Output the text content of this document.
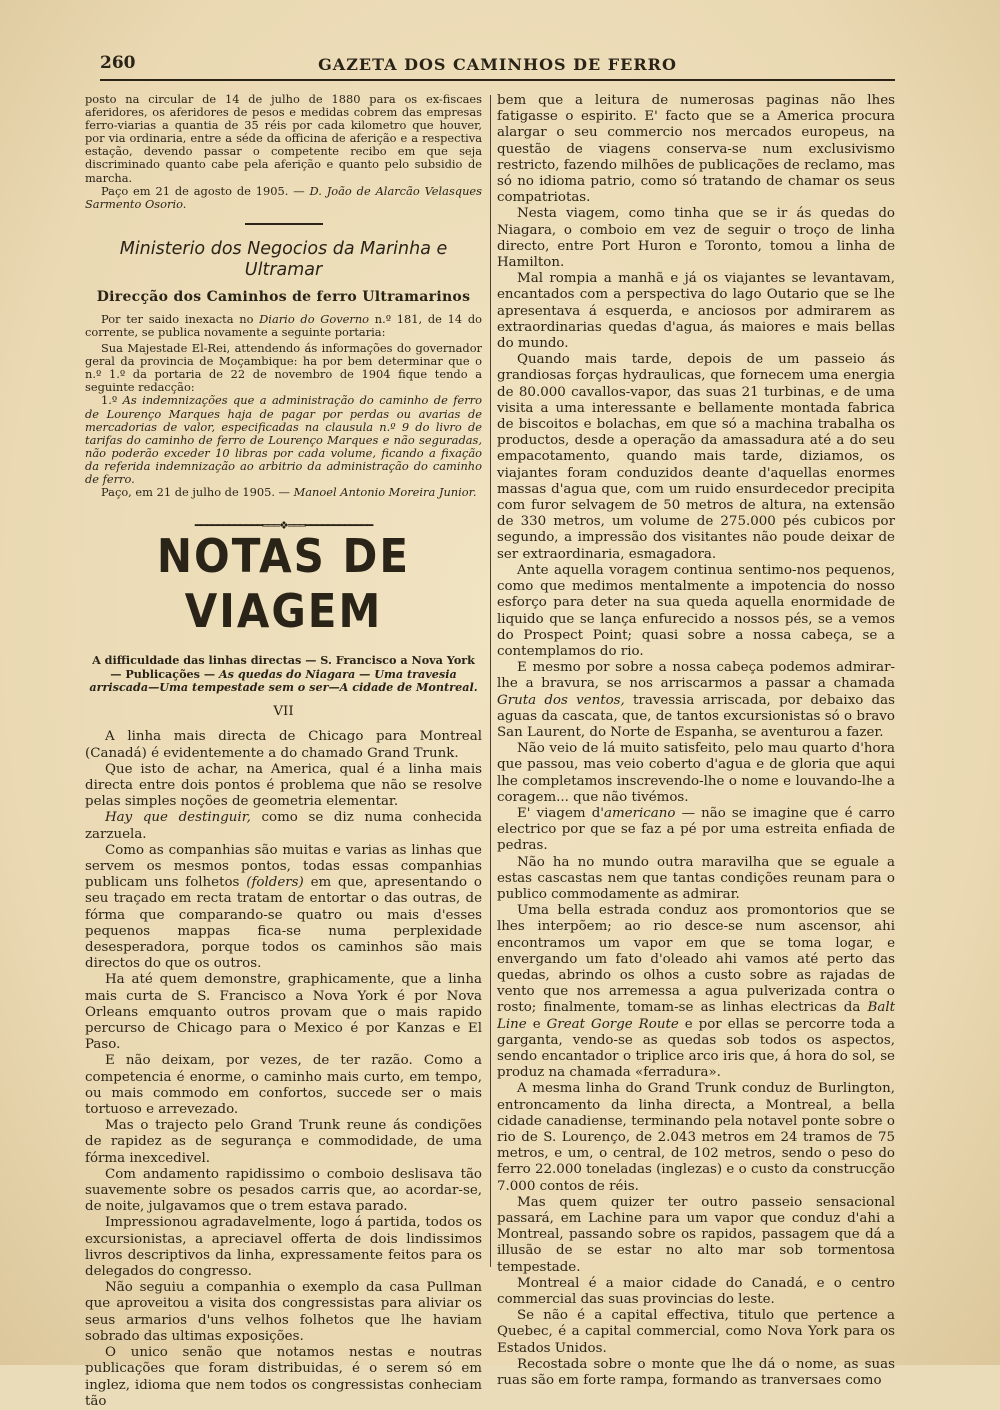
260	GAZETA DOS CAMINHOS DE FERRO

posto na circular de 14 de julho de 1880 para os ex-fiscaes aferidores, os aferidores de pesos e medidas cobrem das empresas ferro-viarias a quantia de 35 réis por cada kilometro que houver, por via ordinaria, entre a séde da officina de aferição e a respectiva estação, devendo passar o competente recibo em que seja discriminado quanto cabe pela aferição e quanto pelo subsidio de marcha.

Paço em 21 de agosto de 1905. — D. João de Alarcão Velasques Sarmento Osorio.

Ministerio dos Negocios da Marinha e Ultramar
Direcção dos Caminhos de ferro Ultramarinos

Por ter saido inexacta no Diario do Governo n.º 181, de 14 do corrente, se publica novamente a seguinte portaria:

Sua Majestade El-Rei, attendendo ás informações do governador geral da provincia de Moçambique: ha por bem determinar que o n.º 1.º da portaria de 22 de novembro de 1904 fique tendo a seguinte redacção:

1.º As indemnizações que a administração do caminho de ferro de Lourenço Marques haja de pagar por perdas ou avarias de mercadorias de valor, especificadas na clausula n.º 9 do livro de tarifas do caminho de ferro de Lourenço Marques e não seguradas, não poderão exceder 10 libras por cada volume, ficando a fixação da referida indemnização ao arbitrio da administração do caminho de ferro.

Paço, em 21 de julho de 1905. — Manoel Antonio Moreira Junior.

━━━━━━━━━━━━═══❖═══━━━━━━━━━━━━
NOTAS DE VIAGEM
A difficuldade das linhas directas — S. Francisco a Nova York — Publicações — As quedas do Niagara — Uma travesia arriscada—Uma tempestade sem o ser—A cidade de Montreal.
VII

A linha mais directa de Chicago para Montreal (Canadá) é evidentemente a do chamado Grand Trunk.

Que isto de achar, na America, qual é a linha mais directa entre dois pontos é problema que não se resolve pelas simples noções de geometria elementar.

Hay que destinguir, como se diz numa conhecida zarzuela.

Como as companhias são muitas e varias as linhas que servem os mesmos pontos, todas essas companhias publicam uns folhetos (folders) em que, apresentando o seu traçado em recta tratam de entortar o das outras, de fórma que comparando-se quatro ou mais d'esses pequenos mappas fica-se numa perplexidade desesperadora, porque todos os caminhos são mais directos do que os outros.

Ha até quem demonstre, graphicamente, que a linha mais curta de S. Francisco a Nova York é por Nova Orleans emquanto outros provam que o mais rapido percurso de Chicago para o Mexico é por Kanzas e El Paso.

E não deixam, por vezes, de ter razão. Como a competencia é enorme, o caminho mais curto, em tempo, ou mais commodo em confortos, succede ser o mais tortuoso e arrevezado.

Mas o trajecto pelo Grand Trunk reune ás condições de rapidez as de segurança e commodidade, de uma fórma inexcedivel.

Com andamento rapidissimo o comboio deslisava tão suavemente sobre os pesados carris que, ao acordar-se, de noite, julgavamos que o trem estava parado.

Impressionou agradavelmente, logo á partida, todos os excursionistas, a apreciavel offerta de dois lindissimos livros descriptivos da linha, expressamente feitos para os delegados do congresso.

Não seguiu a companhia o exemplo da casa Pullman que aproveitou a visita dos congressistas para aliviar os seus armarios d'uns velhos folhetos que lhe haviam sobrado das ultimas exposições.

O unico senão que notamos nestas e noutras publicações que foram distribuidas, é o serem só em inglez, idioma que nem todos os congressistas conheciam tão

bem que a leitura de numerosas paginas não lhes fatigasse o espirito. E' facto que se a America procura alargar o seu commercio nos mercados europeus, na questão de viagens conserva-se num exclusivismo restricto, fazendo milhões de publicações de reclamo, mas só no idioma patrio, como só tratando de chamar os seus compatriotas.

Nesta viagem, como tinha que se ir ás quedas do Niagara, o comboio em vez de seguir o troço de linha directo, entre Port Huron e Toronto, tomou a linha de Hamilton.

Mal rompia a manhã e já os viajantes se levantavam, encantados com a perspectiva do lago Outario que se lhe apresentava á esquerda, e anciosos por admirarem as extraordinarias quedas d'agua, ás maiores e mais bellas do mundo.

Quando mais tarde, depois de um passeio ás grandiosas forças hydraulicas, que fornecem uma energia de 80.000 cavallos-vapor, das suas 21 turbinas, e de uma visita a uma interessante e bellamente montada fabrica de biscoitos e bolachas, em que só a machina trabalha os productos, desde a operação da amassadura até a do seu empacotamento, quando mais tarde, diziamos, os viajantes foram conduzidos deante d'aquellas enormes massas d'agua que, com um ruido ensurdecedor precipita com furor selvagem de 50 metros de altura, na extensão de 330 metros, um volume de 275.000 pés cubicos por segundo, a impressão dos visitantes não poude deixar de ser extraordinaria, esmagadora.

Ante aquella voragem continua sentimo-nos pequenos, como que medimos mentalmente a impotencia do nosso esforço para deter na sua queda aquella enormidade de liquido que se lança enfurecido a nossos pés, se a vemos do Prospect Point; quasi sobre a nossa cabeça, se a contemplamos do rio.

E mesmo por sobre a nossa cabeça podemos admirar-lhe a bravura, se nos arriscarmos a passar a chamada Gruta dos ventos, travessia arriscada, por debaixo das aguas da cascata, que, de tantos excursionistas só o bravo San Laurent, do Norte de Espanha, se aventurou a fazer.

Não veio de lá muito satisfeito, pelo mau quarto d'hora que passou, mas veio coberto d'agua e de gloria que aqui lhe completamos inscrevendo-lhe o nome e louvando-lhe a coragem... que não tivémos.

E' viagem d'americano — não se imagine que é carro electrico por que se faz a pé por uma estreita enfiada de pedras.

Não ha no mundo outra maravilha que se eguale a estas cascastas nem que tantas condições reunam para o publico commodamente as admirar.

Uma bella estrada conduz aos promontorios que se lhes interpõem; ao rio desce-se num ascensor, ahi encontramos um vapor em que se toma logar, e envergando um fato d'oleado ahi vamos até perto das quedas, abrindo os olhos a custo sobre as rajadas de vento que nos arremessa a agua pulverizada contra o rosto; finalmente, tomam-se as linhas electricas da Balt Line e Great Gorge Route e por ellas se percorre toda a garganta, vendo-se as quedas sob todos os aspectos, sendo encantador o triplice arco iris que, á hora do sol, se produz na chamada «ferradura».

A mesma linha do Grand Trunk conduz de Burlington, entroncamento da linha directa, a Montreal, a bella cidade canadiense, terminando pela notavel ponte sobre o rio de S. Lourenço, de 2.043 metros em 24 tramos de 75 metros, e um, o central, de 102 metros, sendo o peso do ferro 22.000 toneladas (inglezas) e o custo da construcção 7.000 contos de réis.

Mas quem quizer ter outro passeio sensacional passará, em Lachine para um vapor que conduz d'ahi a Montreal, passando sobre os rapidos, passagem que dá a illusão de se estar no alto mar sob tormentosa tempestade.

Montreal é a maior cidade do Canadá, e o centro commercial das suas provincias do leste.

Se não é a capital effectiva, titulo que pertence a Quebec, é a capital commercial, como Nova York para os Estados Unidos.

Recostada sobre o monte que lhe dá o nome, as suas ruas são em forte rampa, formando as tranversaes como
